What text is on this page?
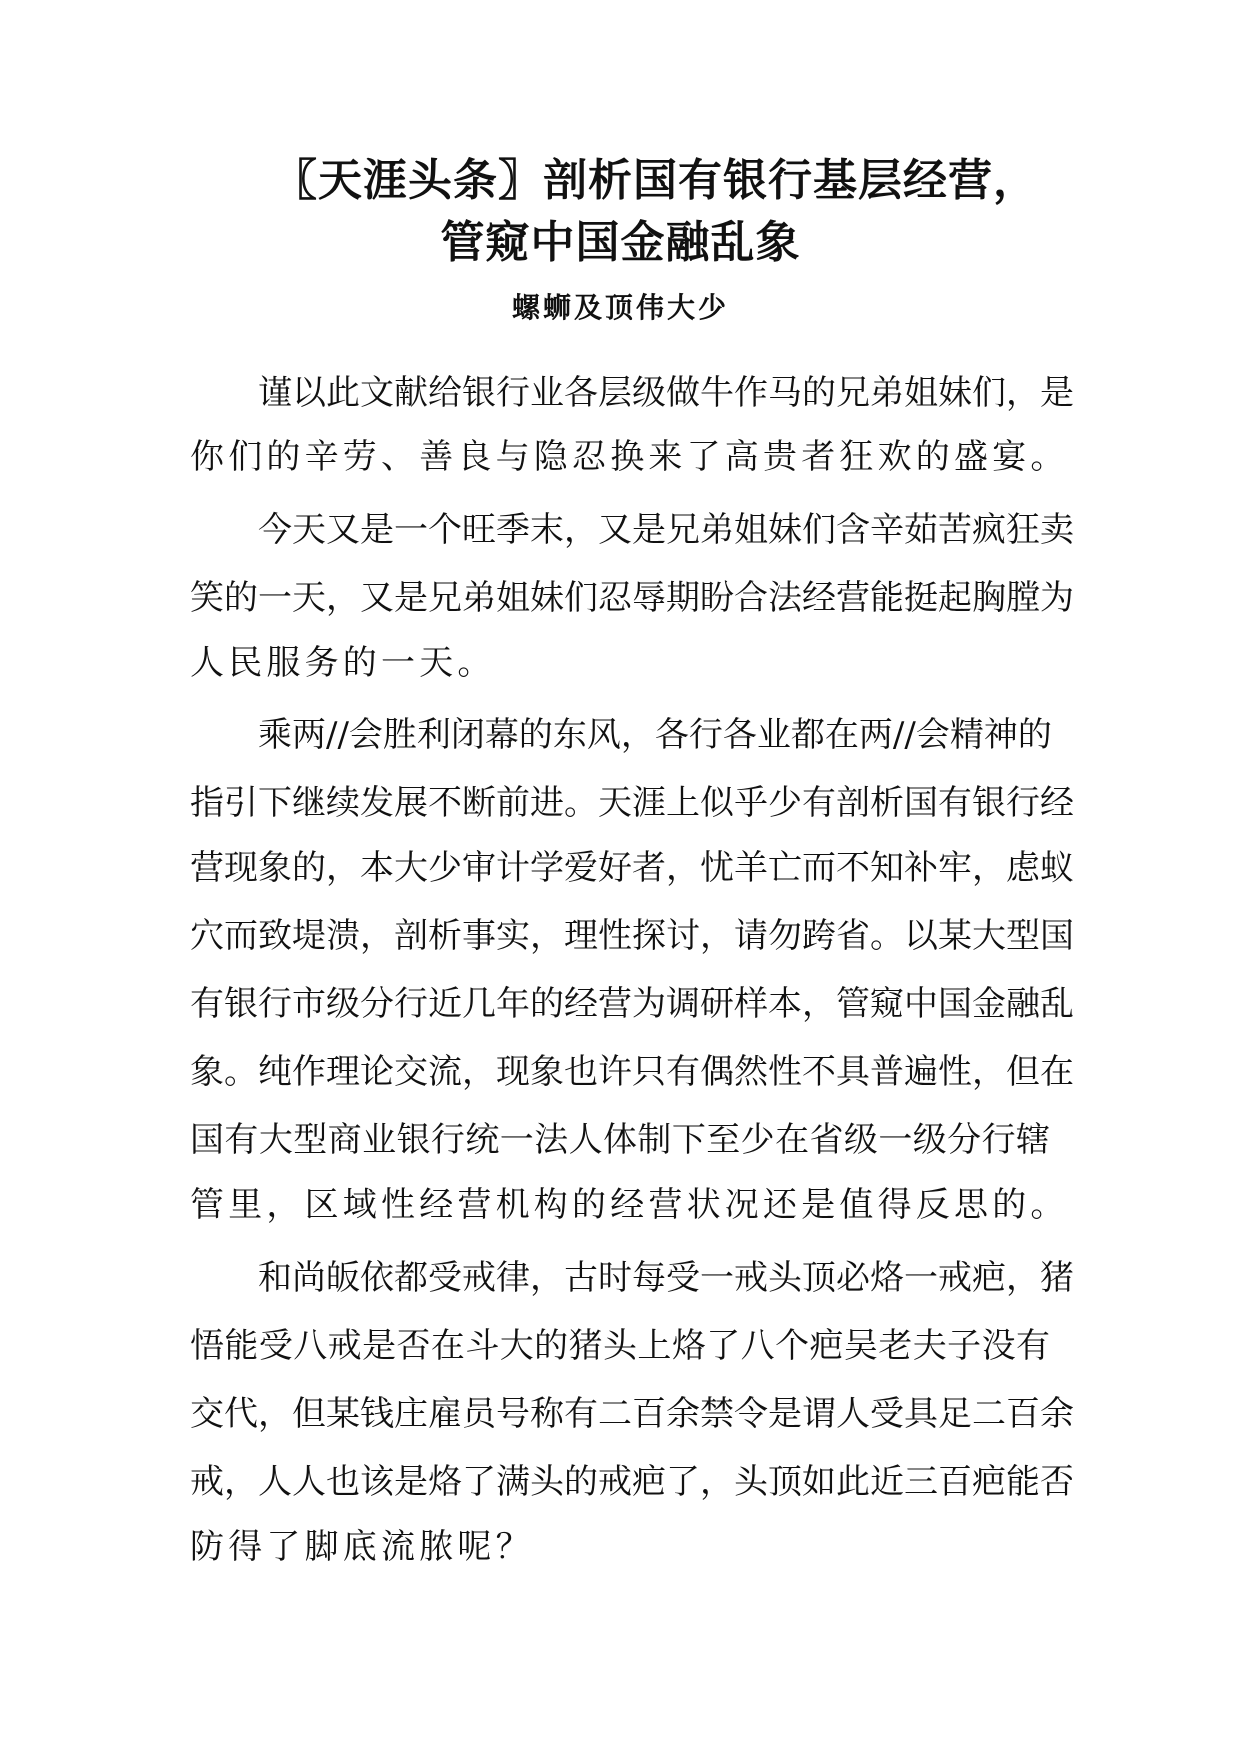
〖天涯头条〗剖析国有银行基层经营，
管窥中国金融乱象
螺蛳及顶伟大少
谨以此文献给银行业各层级做牛作马的兄弟姐妹们，是
你们的辛劳、善良与隐忍换来了高贵者狂欢的盛宴。
今天又是一个旺季末，又是兄弟姐妹们含辛茹苦疯狂卖
笑的一天，又是兄弟姐妹们忍辱期盼合法经营能挺起胸膛为
人民服务的一天。
乘两//会胜利闭幕的东风，各行各业都在两//会精神的
指引下继续发展不断前进。天涯上似乎少有剖析国有银行经
营现象的，本大少审计学爱好者，忧羊亡而不知补牢，虑蚁
穴而致堤溃，剖析事实，理性探讨，请勿跨省。以某大型国
有银行市级分行近几年的经营为调研样本，管窥中国金融乱
象。纯作理论交流，现象也许只有偶然性不具普遍性，但在
国有大型商业银行统一法人体制下至少在省级一级分行辖
管里，区域性经营机构的经营状况还是值得反思的。
和尚皈依都受戒律，古时每受一戒头顶必烙一戒疤，猪
悟能受八戒是否在斗大的猪头上烙了八个疤吴老夫子没有
交代，但某钱庄雇员号称有二百余禁令是谓人受具足二百余
戒，人人也该是烙了满头的戒疤了，头顶如此近三百疤能否
防得了脚底流脓呢？
